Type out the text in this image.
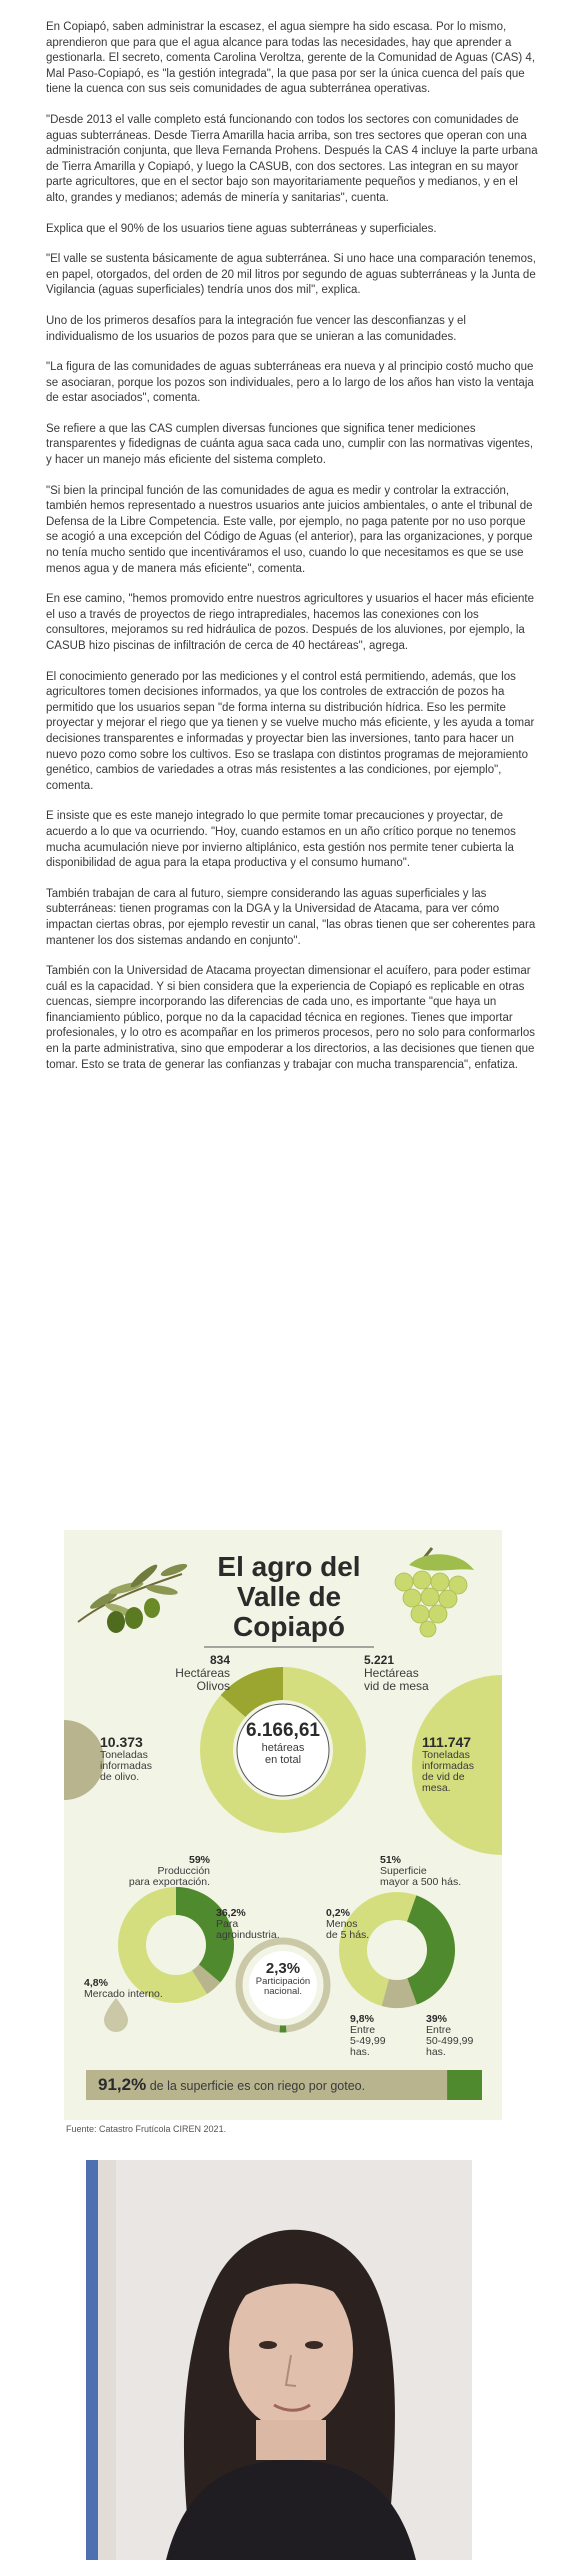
En Copiapó, saben administrar la escasez, el agua siempre ha sido escasa. Por lo mismo, aprendieron que para que el agua alcance para todas las necesidades, hay que aprender a gestionarla. El secreto, comenta Carolina Veroltza, gerente de la Comunidad de Aguas (CAS) 4, Mal Paso-Copiapó, es "la gestión integrada", la que pasa por ser la única cuenca del país que tiene la cuenca con sus seis comunidades de agua subterránea operativas.

"Desde 2013 el valle completo está funcionando con todos los sectores con comunidades de aguas subterráneas. Desde Tierra Amarilla hacia arriba, son tres sectores que operan con una administración conjunta, que lleva Fernanda Prohens. Después la CAS 4 incluye la parte urbana de Tierra Amarilla y Copiapó, y luego la CASUB, con dos sectores. Las integran en su mayor parte agricultores, que en el sector bajo son mayoritariamente pequeños y medianos, y en el alto, grandes y medianos; además de minería y sanitarias", cuenta.

Explica que el 90% de los usuarios tiene aguas subterráneas y superficiales.

"El valle se sustenta básicamente de agua subterránea. Si uno hace una comparación tenemos, en papel, otorgados, del orden de 20 mil litros por segundo de aguas subterráneas y la Junta de Vigilancia (aguas superficiales) tendría unos dos mil", explica.

Uno de los primeros desafíos para la integración fue vencer las desconfianzas y el individualismo de los usuarios de pozos para que se unieran a las comunidades.

"La figura de las comunidades de aguas subterráneas era nueva y al principio costó mucho que se asociaran, porque los pozos son individuales, pero a lo largo de los años han visto la ventaja de estar asociados", comenta.

Se refiere a que las CAS cumplen diversas funciones que significa tener mediciones transparentes y fidedignas de cuánta agua saca cada uno, cumplir con las normativas vigentes, y hacer un manejo más eficiente del sistema completo.

"Si bien la principal función de las comunidades de agua es medir y controlar la extracción, también hemos representado a nuestros usuarios ante juicios ambientales, o ante el tribunal de Defensa de la Libre Competencia. Este valle, por ejemplo, no paga patente por no uso porque se acogió a una excepción del Código de Aguas (el anterior), para las organizaciones, y porque no tenía mucho sentido que incentiváramos el uso, cuando lo que necesitamos es que se use menos agua y de manera más eficiente", comenta.

En ese camino, "hemos promovido entre nuestros agricultores y usuarios el hacer más eficiente el uso a través de proyectos de riego intraprediales, hacemos las conexiones con los consultores, mejoramos su red hidráulica de pozos. Después de los aluviones, por ejemplo, la CASUB hizo piscinas de infiltración de cerca de 40 hectáreas", agrega.

El conocimiento generado por las mediciones y el control está permitiendo, además, que los agricultores tomen decisiones informados, ya que los controles de extracción de pozos ha permitido que los usuarios sepan "de forma interna su distribución hídrica. Eso les permite proyectar y mejorar el riego que ya tienen y se vuelve mucho más eficiente, y les ayuda a tomar decisiones transparentes e informadas y proyectar bien las inversiones, tanto para hacer un nuevo pozo como sobre los cultivos. Eso se traslapa con distintos programas de mejoramiento genético, cambios de variedades a otras más resistentes a las condiciones, por ejemplo", comenta.

E insiste que es este manejo integrado lo que permite tomar precauciones y proyectar, de acuerdo a lo que va ocurriendo. "Hoy, cuando estamos en un año crítico porque no tenemos mucha acumulación nieve por invierno altiplánico, esta gestión nos permite tener cubierta la disponibilidad de agua para la etapa productiva y el consumo humano".

También trabajan de cara al futuro, siempre considerando las aguas superficiales y las subterráneas: tienen programas con la DGA y la Universidad de Atacama, para ver cómo impactan ciertas obras, por ejemplo revestir un canal, "las obras tienen que ser coherentes para mantener los dos sistemas andando en conjunto".

También con la Universidad de Atacama proyectan dimensionar el acuífero, para poder estimar cuál es la capacidad. Y si bien considera que la experiencia de Copiapó es replicable en otras cuencas, siempre incorporando las diferencias de cada uno, es importante "que haya un financiamiento público, porque no da la capacidad técnica en regiones. Tienes que importar profesionales, y lo otro es acompañar en los primeros procesos, pero no solo para conformarlos en la parte administrativa, sino que empoderar a los directorios, a las decisiones que tienen que tomar. Esto se trata de generar las confianzas y trabajar con mucha transparencia", enfatiza.

El agro del
Valle de
Copiapó
834
Hectáreas
Olivos
5.221
Hectáreas
vid de mesa
6.166,61
hetáreas
en total
10.373
Toneladas
informadas
de olivo.
111.747
Toneladas
informadas
de vid de
mesa.
59%
Producción
para exportación.
36,2%
Para
agroindustria.
4,8%
Mercado interno.
2,3%
Participación
nacional.
51%
Superficie
mayor a 500 hás.
0,2%
Menos
de 5 hás.
9,8%
Entre
5-49,99
has.
39%
Entre
50-499,99
has.
91,2% de la superficie es con riego por goteo.
Fuente: Catastro Frutícola CIREN 2021.
